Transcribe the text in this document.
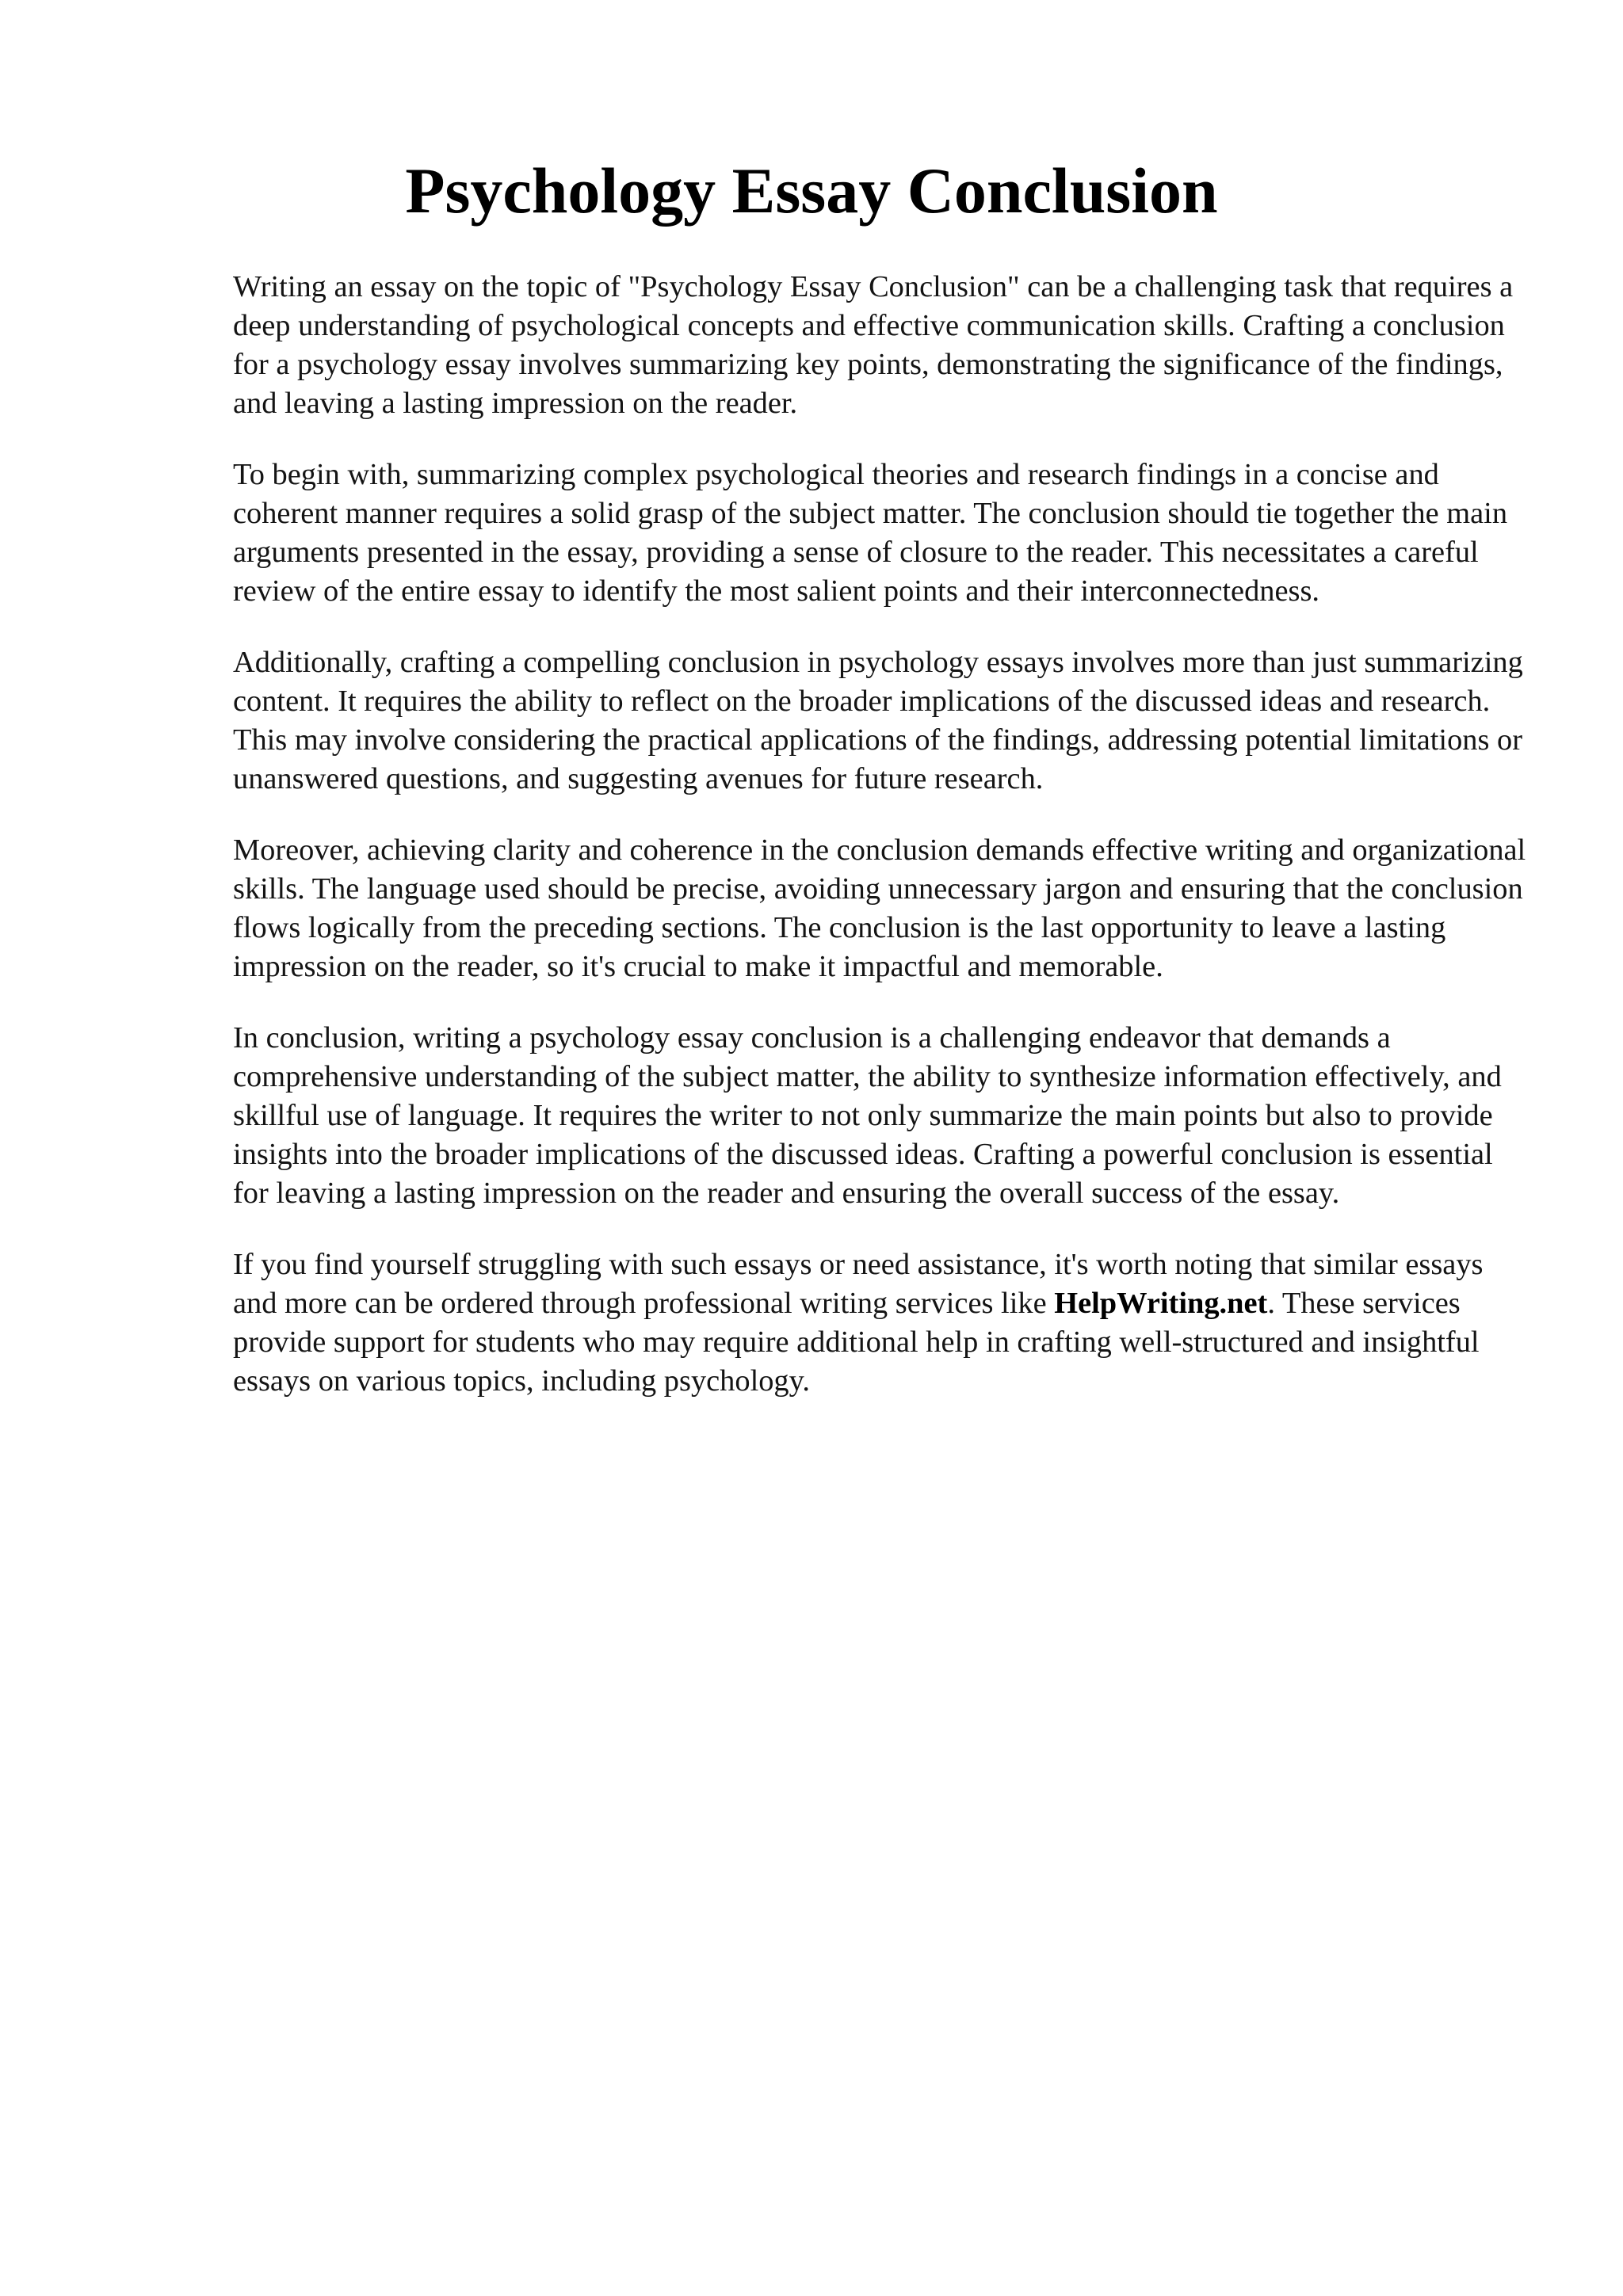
Psychology Essay Conclusion

Writing an essay on the topic of "Psychology Essay Conclusion" can be a challenging task that requires a deep understanding of psychological concepts and effective communication skills. Crafting a conclusion for a psychology essay involves summarizing key points, demonstrating the significance of the findings, and leaving a lasting impression on the reader.

To begin with, summarizing complex psychological theories and research findings in a concise and coherent manner requires a solid grasp of the subject matter. The conclusion should tie together the main arguments presented in the essay, providing a sense of closure to the reader. This necessitates a careful review of the entire essay to identify the most salient points and their interconnectedness.

Additionally, crafting a compelling conclusion in psychology essays involves more than just summarizing content. It requires the ability to reflect on the broader implications of the discussed ideas and research. This may involve considering the practical applications of the findings, addressing potential limitations or unanswered questions, and suggesting avenues for future research.

Moreover, achieving clarity and coherence in the conclusion demands effective writing and organizational skills. The language used should be precise, avoiding unnecessary jargon and ensuring that the conclusion flows logically from the preceding sections. The conclusion is the last opportunity to leave a lasting impression on the reader, so it's crucial to make it impactful and memorable.

In conclusion, writing a psychology essay conclusion is a challenging endeavor that demands a comprehensive understanding of the subject matter, the ability to synthesize information effectively, and skillful use of language. It requires the writer to not only summarize the main points but also to provide insights into the broader implications of the discussed ideas. Crafting a powerful conclusion is essential for leaving a lasting impression on the reader and ensuring the overall success of the essay.

If you find yourself struggling with such essays or need assistance, it's worth noting that similar essays and more can be ordered through professional writing services like HelpWriting.net. These services provide support for students who may require additional help in crafting well-structured and insightful essays on various topics, including psychology.
